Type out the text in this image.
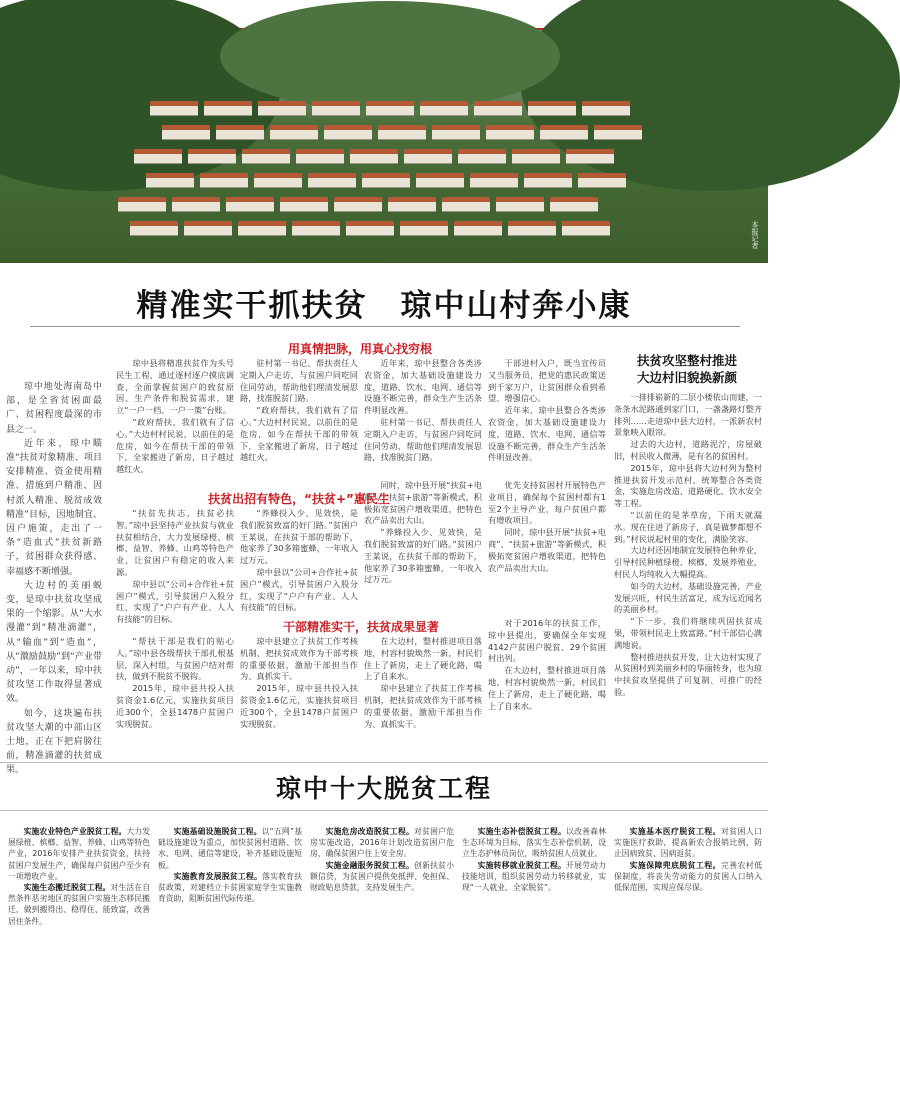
本报记者
精准实干抓扶贫　琼中山村奔小康

琼中地处海南岛中部，是全省贫困面最广、贫困程度最深的市县之一。

近年来，琼中瞄准“扶贫对象精准、项目安排精准、资金使用精准、措施到户精准、因村派人精准、脱贫成效精准”目标，因地制宜、因户施策，走出了一条“造血式”扶贫新路子，贫困群众获得感、幸福感不断增强。

大边村的美丽蜕变，是琼中扶贫攻坚成果的一个缩影。从“大水漫灌”到“精准滴灌”，从“输血”到“造血”，从“激励鼓励”到“产业带动”，一年以来，琼中扶贫攻坚工作取得显著成效。

如今，这块遍布扶贫攻坚大潮的中部山区土地，正在下把肩膀往前，精准滴灌的扶贫成果。

用真情把脉，用真心找穷根

琼中县将精准扶贫作为头号民生工程，通过逐村逐户摸底调查，全面掌握贫困户的致贫原因、生产条件和脱贫需求，建立“一户一档、一户一策”台账。

“政府帮扶，我们就有了信心。”大边村村民说，以前住的是危房，如今在帮扶干部的带领下，全家搬进了新房，日子越过越红火。

驻村第一书记、帮扶责任人定期入户走访，与贫困户同吃同住同劳动，帮助他们理清发展思路，找准脱贫门路。

“政府帮扶，我们就有了信心。”大边村村民说，以前住的是危房，如今在帮扶干部的带领下，全家搬进了新房，日子越过越红火。

近年来，琼中县整合各类涉农资金，加大基础设施建设力度，道路、饮水、电网、通信等设施不断完善，群众生产生活条件明显改善。

驻村第一书记、帮扶责任人定期入户走访，与贫困户同吃同住同劳动，帮助他们理清发展思路，找准脱贫门路。

干部进村入户，既当宣传员又当服务员，把党的惠民政策送到千家万户，让贫困群众看到希望、增强信心。

近年来，琼中县整合各类涉农资金，加大基础设施建设力度，道路、饮水、电网、通信等设施不断完善，群众生产生活条件明显改善。

扶贫出招有特色，“扶贫+”惠民生

“扶贫先扶志，扶贫必扶智。”琼中县坚持产业扶贫与就业扶贫相结合，大力发展绿橙、槟榔、益智、养蜂、山鸡等特色产业，让贫困户有稳定的收入来源。

琼中县以“公司+合作社+贫困户”模式，引导贫困户入股分红，实现了“户户有产业、人人有技能”的目标。

“养蜂投入少、见效快，是我们脱贫致富的好门路。”贫困户王某说，在扶贫干部的帮助下，他家养了30多箱蜜蜂，一年收入过万元。

琼中县以“公司+合作社+贫困户”模式，引导贫困户入股分红，实现了“户户有产业、人人有技能”的目标。

同时，琼中县开展“扶贫+电商”、“扶贫+旅游”等新模式，积极拓宽贫困户增收渠道，把特色农产品卖出大山。

“养蜂投入少、见效快，是我们脱贫致富的好门路。”贫困户王某说，在扶贫干部的帮助下，他家养了30多箱蜜蜂，一年收入过万元。

优先支持贫困村开展特色产业项目，确保每个贫困村都有1至2个主导产业，每户贫困户都有增收项目。

同时，琼中县开展“扶贫+电商”、“扶贫+旅游”等新模式，积极拓宽贫困户增收渠道，把特色农产品卖出大山。

干部精准实干，扶贫成果显著

“帮扶干部是我们的贴心人。”琼中县各级帮扶干部扎根基层，深入村组，与贫困户结对帮扶，做到不脱贫不脱钩。

2015年，琼中县共投入扶贫资金1.6亿元，实施扶贫项目近300个，全县1478户贫困户实现脱贫。

琼中县建立了扶贫工作考核机制，把扶贫成效作为干部考核的重要依据，激励干部担当作为、真抓实干。

2015年，琼中县共投入扶贫资金1.6亿元，实施扶贫项目近300个，全县1478户贫困户实现脱贫。

在大边村，整村推进项目落地，村容村貌焕然一新，村民们住上了新房，走上了硬化路，喝上了自来水。

琼中县建立了扶贫工作考核机制，把扶贫成效作为干部考核的重要依据，激励干部担当作为、真抓实干。

对于2016年的扶贫工作，琼中县提出，要确保全年实现4142户贫困户脱贫、29个贫困村出列。

在大边村，整村推进项目落地，村容村貌焕然一新，村民们住上了新房，走上了硬化路，喝上了自来水。

扶贫攻坚整村推进
大边村旧貌换新颜

一排排崭新的二层小楼依山而建，一条条水泥路通到家门口，一盏盏路灯整齐排列……走进琼中县大边村，一派新农村景象映入眼帘。

过去的大边村，道路泥泞，房屋破旧，村民收入微薄，是有名的贫困村。

2015年，琼中县将大边村列为整村推进扶贫开发示范村，统筹整合各类资金，实施危房改造、道路硬化、饮水安全等工程。

“以前住的是茅草房，下雨天就漏水。现在住进了新房子，真是做梦都想不到。”村民说起村里的变化，满脸笑容。

大边村还因地制宜发展特色种养业，引导村民种植绿橙、槟榔，发展养殖业，村民人均纯收入大幅提高。

如今的大边村，基础设施完善，产业发展兴旺，村民生活富足，成为远近闻名的美丽乡村。

“下一步，我们将继续巩固扶贫成果，带领村民走上致富路。”村干部信心满满地说。

整村推进扶贫开发，让大边村实现了从贫困村到美丽乡村的华丽转身，也为琼中扶贫攻坚提供了可复制、可推广的经验。

琼中十大脱贫工程

实施农业特色产业脱贫工程。大力发展绿橙、槟榔、益智、养蜂、山鸡等特色产业，2016年安排产业扶贫资金，扶持贫困户发展生产，确保每户贫困户至少有一项增收产业。

实施生态搬迁脱贫工程。对生活在自然条件恶劣地区的贫困户实施生态移民搬迁，做到搬得出、稳得住、能致富，改善居住条件。

实施基础设施脱贫工程。以“五网”基础设施建设为重点，加快贫困村道路、饮水、电网、通信等建设，补齐基础设施短板。

实施教育发展脱贫工程。落实教育扶贫政策，对建档立卡贫困家庭学生实施教育资助，阻断贫困代际传递。

实施危房改造脱贫工程。对贫困户危房实施改造，2016年计划改造贫困户危房，确保贫困户住上安全房。

实施金融服务脱贫工程。创新扶贫小额信贷，为贫困户提供免抵押、免担保、财政贴息贷款，支持发展生产。

实施生态补偿脱贫工程。以改善森林生态环境为目标，落实生态补偿机制，设立生态护林员岗位，吸纳贫困人员就业。

实施转移就业脱贫工程。开展劳动力技能培训，组织贫困劳动力转移就业，实现“一人就业、全家脱贫”。

实施基本医疗脱贫工程。对贫困人口实施医疗救助，提高新农合报销比例，防止因病致贫、因病返贫。

实施保障兜底脱贫工程。完善农村低保制度，将丧失劳动能力的贫困人口纳入低保范围，实现应保尽保。
